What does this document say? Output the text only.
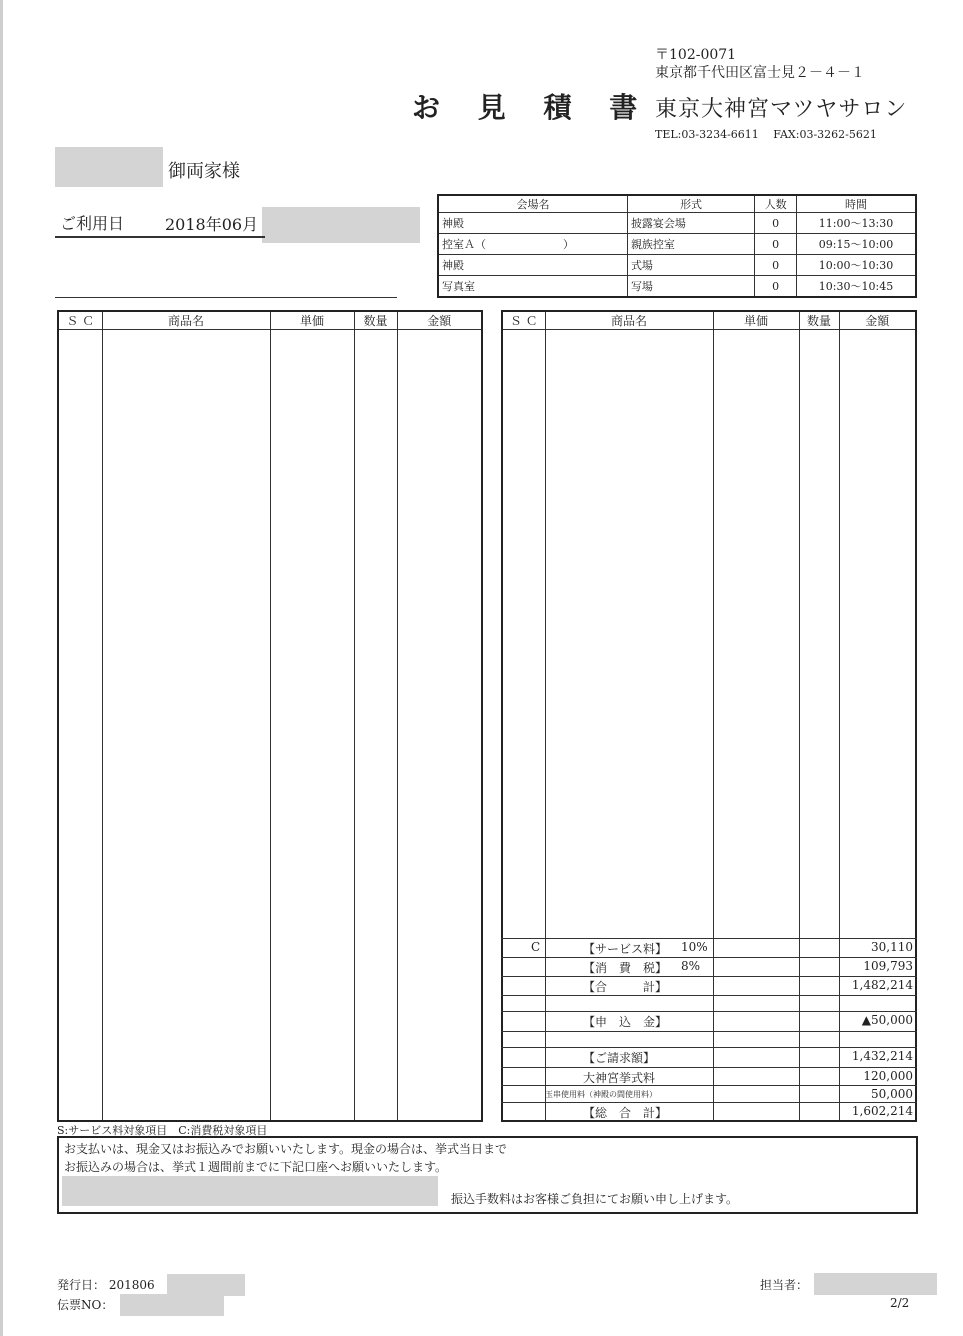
お 見 積 書
〒102-0071
東京都千代田区富士見２－４－１
東京大神宮マツヤサロン
TEL:03-3234-6611　 FAX:03-3262-5621
御両家様
ご利用日	2018年06月
会場名	形式	人数	時間
神殿	披露宴会場	0	11:00～13:30
控室Ａ（　　　　　　　）	親族控室	0	09:15～10:00
神殿	式場	0	10:00～10:30
写真室	写場	0	10:30～10:45
Ｓ Ｃ	商品名	単価	数量	金額
					Ｓ Ｃ	商品名	単価	数量	金額

C	【サービス料】 10%	30,110
【消　費　税】 8%	109,793
【合　　　計】	1,482,214
【申　込　金】	▲50,000
【ご請求額】	1,432,214
大神宮挙式料	120,000
玉串使用料（神殿の間使用料）	50,000
【総　合　計】	1,602,214
S:サービス料対象項目　C:消費税対象項目
お支払いは、現金又はお振込みでお願いいたします。現金の場合は、挙式当日まで
お振込みの場合は、挙式１週間前までに下記口座へお願いいたします。
振込手数料はお客様ご負担にてお願い申し上げます。
発行日： 201806
伝票NO：
担当者：
2/2
